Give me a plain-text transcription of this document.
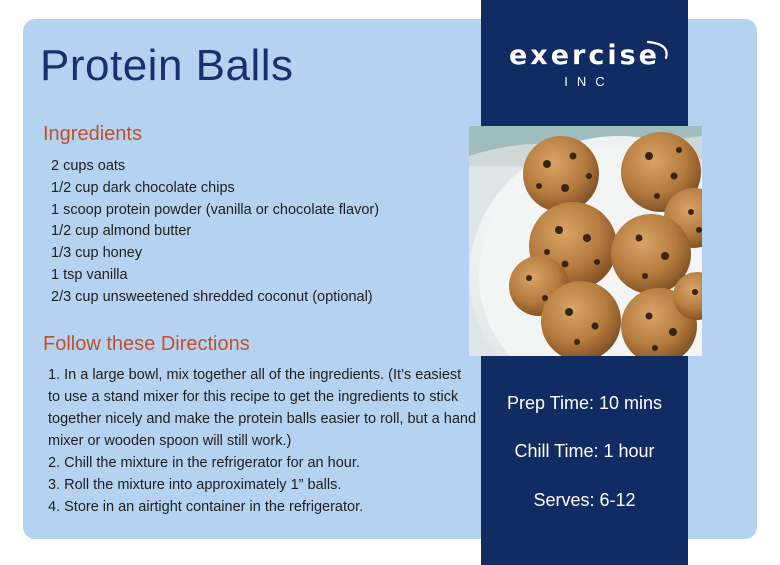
Protein Balls
Ingredients
2 cups oats
1/2 cup dark chocolate chips
1 scoop protein powder (vanilla or chocolate flavor)
1/2 cup almond butter
1/3 cup honey
1 tsp vanilla
2/3 cup unsweetened shredded coconut (optional)
Follow these Directions

1. In a large bowl, mix together all of the ingredients. (It’s easiest to use a stand mixer for this recipe to get the ingredients to stick together nicely and make the protein balls easier to roll, but a hand mixer or wooden spoon will still work.)

2. Chill the mixture in the refrigerator for an hour.

3. Roll the mixture into approximately 1” balls.

4. Store in an airtight container in the refrigerator.

exercise
INC
Prep Time: 10 mins
Chill Time: 1 hour
Serves: 6-12
